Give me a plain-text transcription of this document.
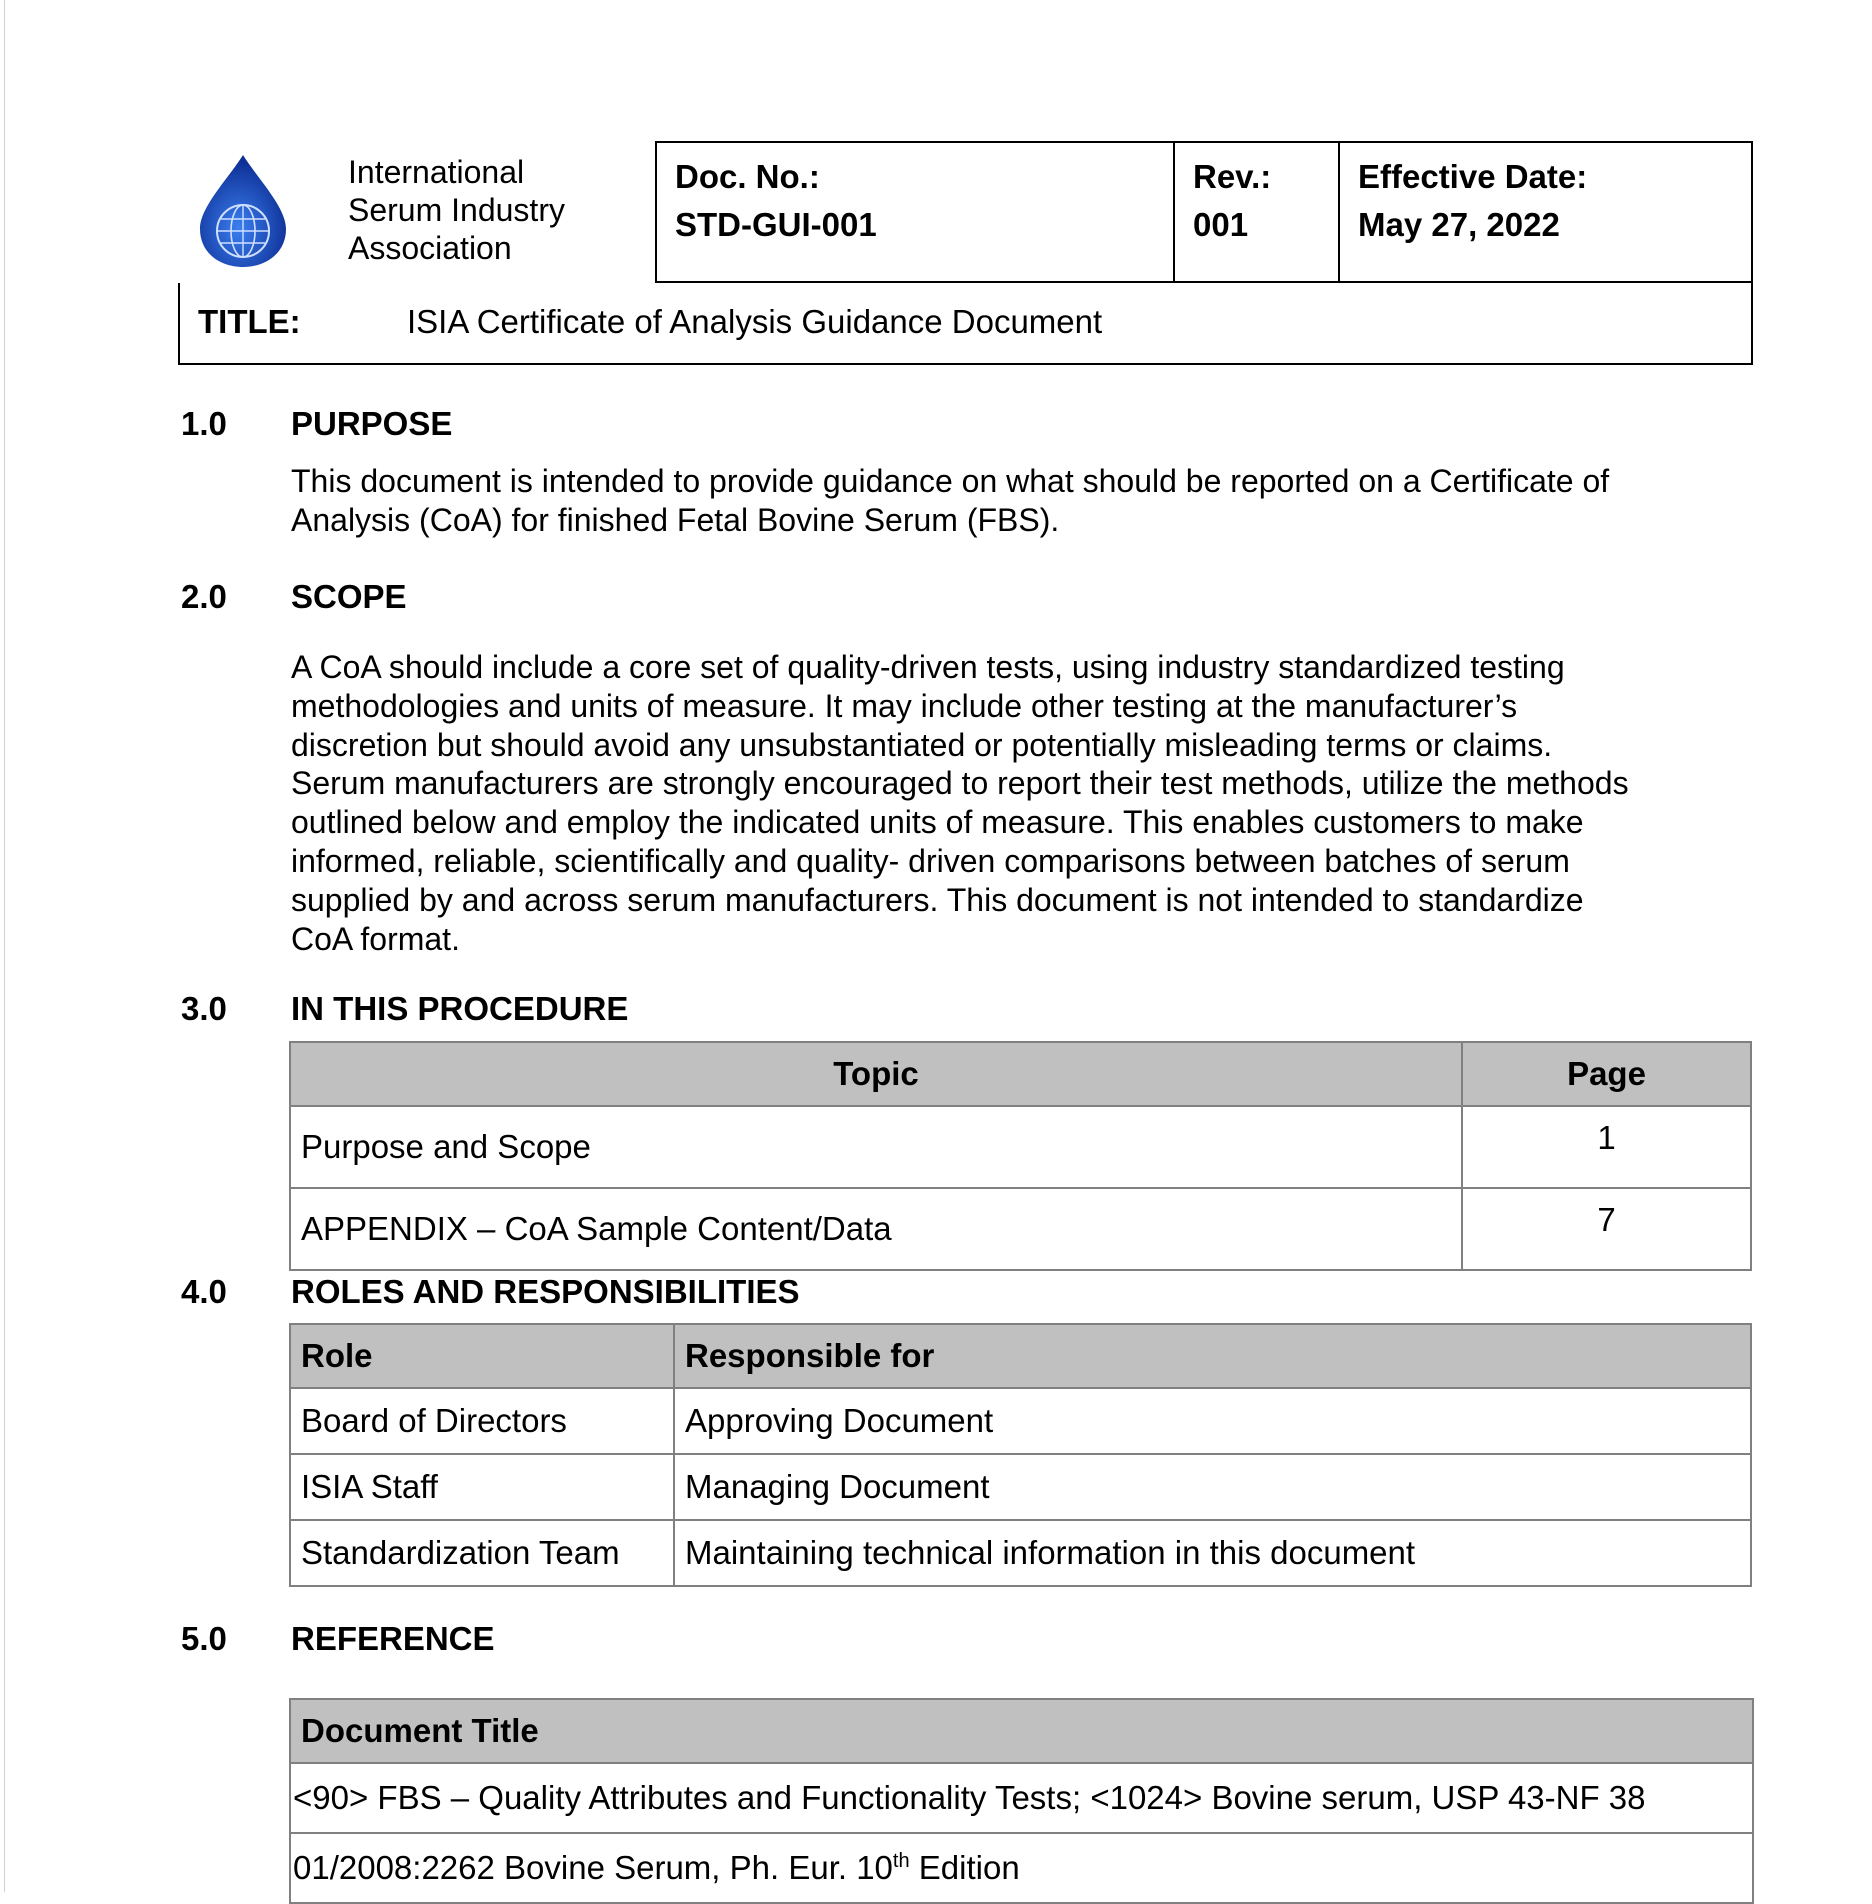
International
Serum Industry
Association
Doc. No.:
STD-GUI-001
Rev.:
001
Effective Date:
May 27, 2022
TITLE:	ISIA Certificate of Analysis Guidance Document
1.0 PURPOSE
This document is intended to provide guidance on what should be reported on a Certificate of
Analysis (CoA) for finished Fetal Bovine Serum (FBS).
2.0 SCOPE
A CoA should include a core set of quality-driven tests, using industry standardized testing
methodologies and units of measure. It may include other testing at the manufacturer’s
discretion but should avoid any unsubstantiated or potentially misleading terms or claims.
Serum manufacturers are strongly encouraged to report their test methods, utilize the methods
outlined below and employ the indicated units of measure. This enables customers to make
informed, reliable, scientifically and quality- driven comparisons between batches of serum
supplied by and across serum manufacturers. This document is not intended to standardize
CoA format.
3.0 IN THIS PROCEDURE
Topic	Page
Purpose and Scope	1
APPENDIX – CoA Sample Content/Data	7
4.0 ROLES AND RESPONSIBILITIES
Role	Responsible for
Board of Directors	Approving Document
ISIA Staff	Managing Document
Standardization Team	Maintaining technical information in this document
5.0 REFERENCE
Document Title
<90> FBS – Quality Attributes and Functionality Tests; <1024> Bovine serum, USP 43-NF 38
01/2008:2262 Bovine Serum, Ph. Eur. 10th Edition
